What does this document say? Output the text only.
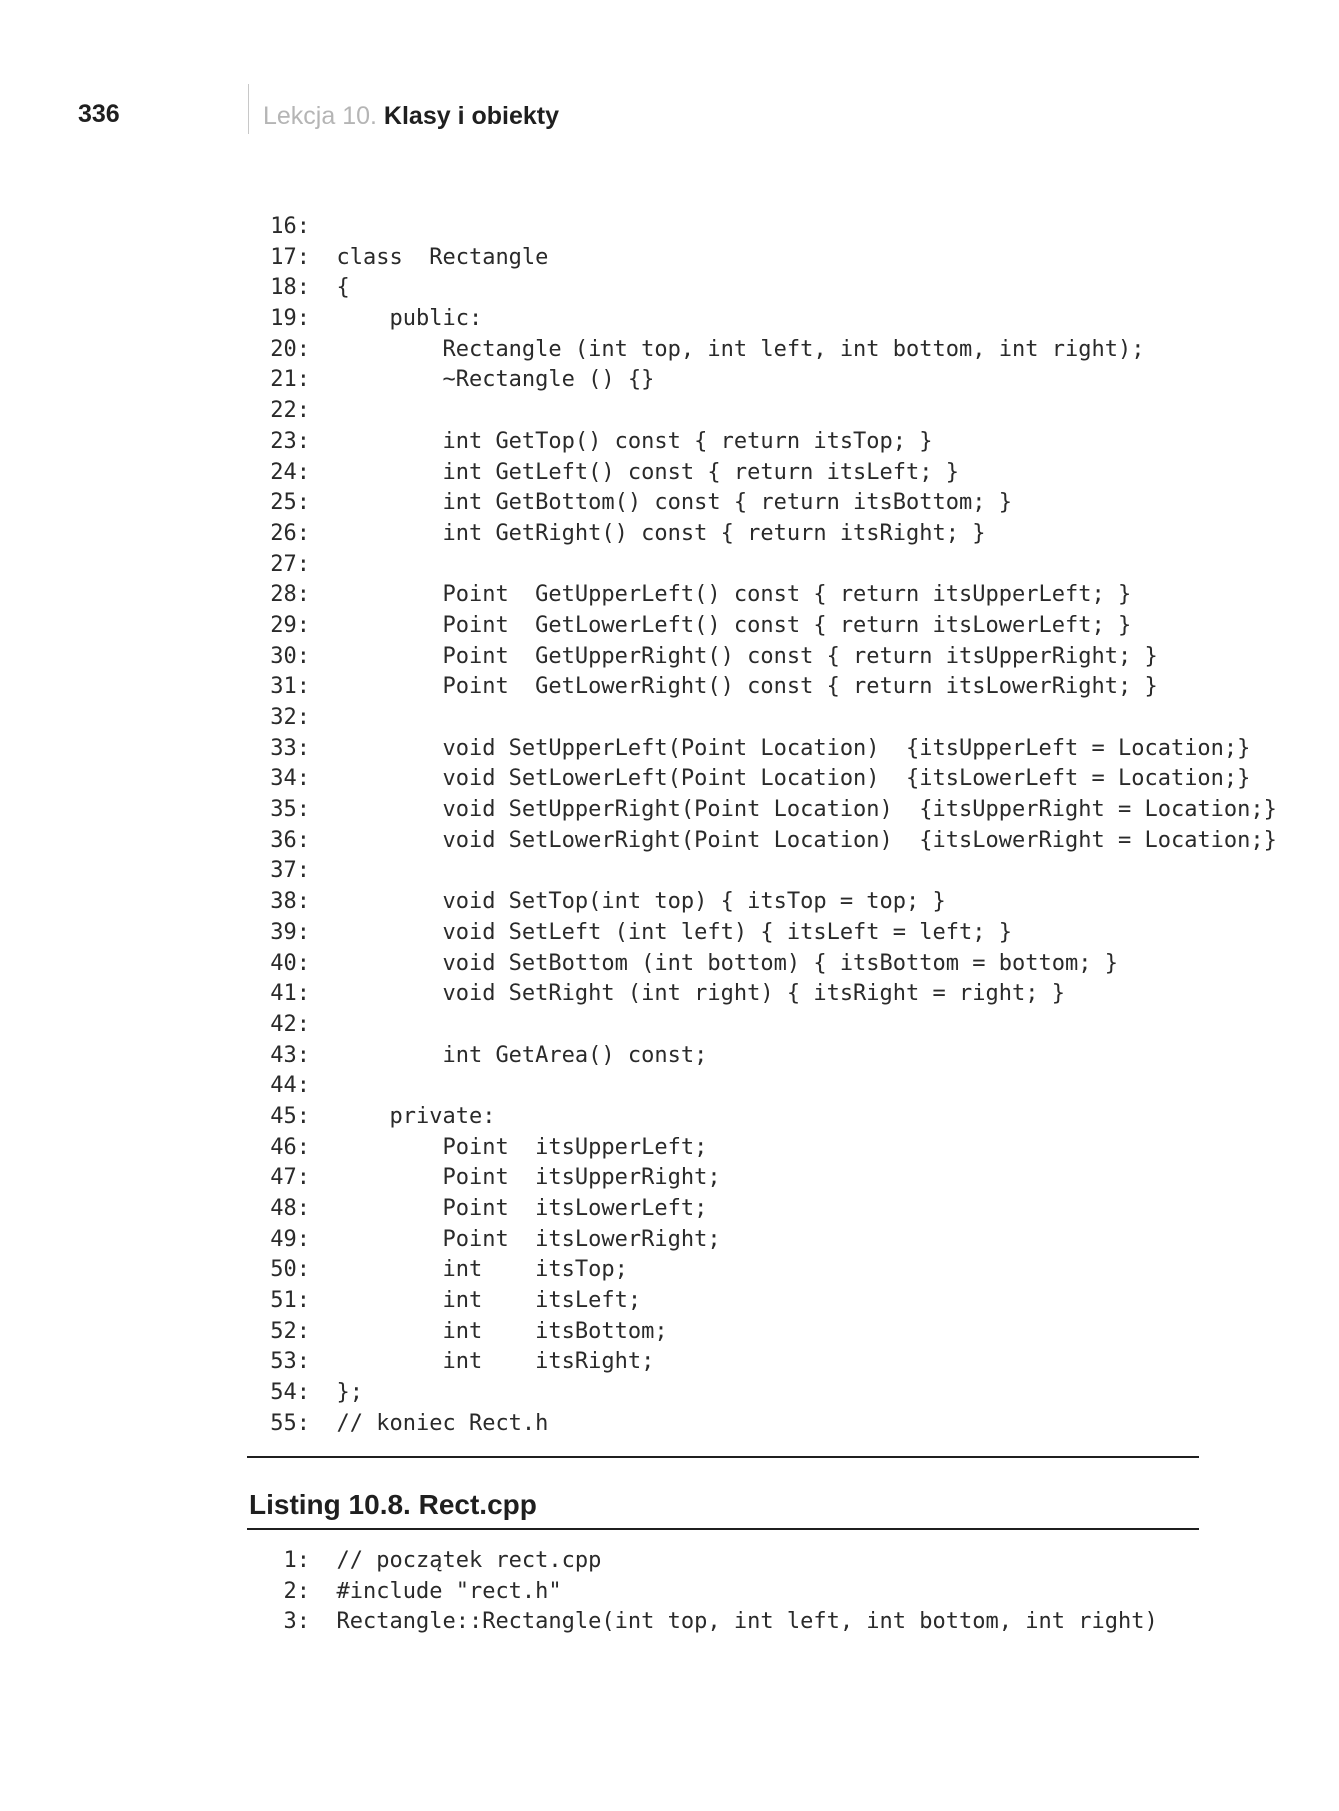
336	Lekcja 10. Klasy i obiekty
16:
17: class  Rectangle
18: {
19:      public:
20:          Rectangle (int top, int left, int bottom, int right);
21:          ~Rectangle () {}
22:
23:          int GetTop() const { return itsTop; }
24:          int GetLeft() const { return itsLeft; }
25:          int GetBottom() const { return itsBottom; }
26:          int GetRight() const { return itsRight; }
27:
28:          Point  GetUpperLeft() const { return itsUpperLeft; }
29:          Point  GetLowerLeft() const { return itsLowerLeft; }
30:          Point  GetUpperRight() const { return itsUpperRight; }
31:          Point  GetLowerRight() const { return itsLowerRight; }
32:
33:          void SetUpperLeft(Point Location)  {itsUpperLeft = Location;}
34:          void SetLowerLeft(Point Location)  {itsLowerLeft = Location;}
35:          void SetUpperRight(Point Location)  {itsUpperRight = Location;}
36:          void SetLowerRight(Point Location)  {itsLowerRight = Location;}
37:
38:          void SetTop(int top) { itsTop = top; }
39:          void SetLeft (int left) { itsLeft = left; }
40:          void SetBottom (int bottom) { itsBottom = bottom; }
41:          void SetRight (int right) { itsRight = right; }
42:
43:          int GetArea() const;
44:
45:      private:
46:          Point  itsUpperLeft;
47:          Point  itsUpperRight;
48:          Point  itsLowerLeft;
49:          Point  itsLowerRight;
50:          int    itsTop;
51:          int    itsLeft;
52:          int    itsBottom;
53:          int    itsRight;
54: };
55: // koniec Rect.h
Listing 10.8. Rect.cpp
1: // początek rect.cpp
2: #include "rect.h"
3: Rectangle::Rectangle(int top, int left, int bottom, int right)
